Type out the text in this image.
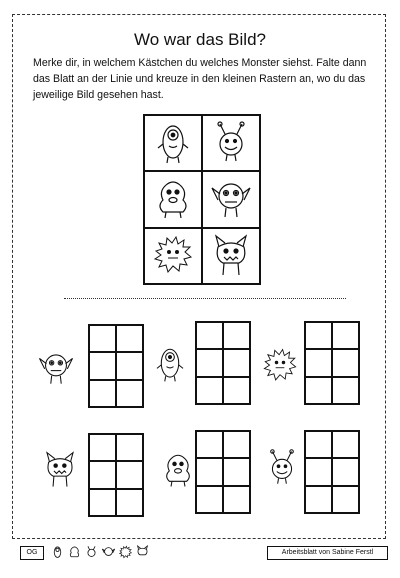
Wo war das Bild?

Merke dir, in welchem Kästchen du welches Monster siehst. Falte dann das Blatt an der Linie und kreuze in den kleinen Rastern an, wo du das jeweilige Bild gesehen hast.

OG	Arbeitsblatt von Sabine Ferstl
